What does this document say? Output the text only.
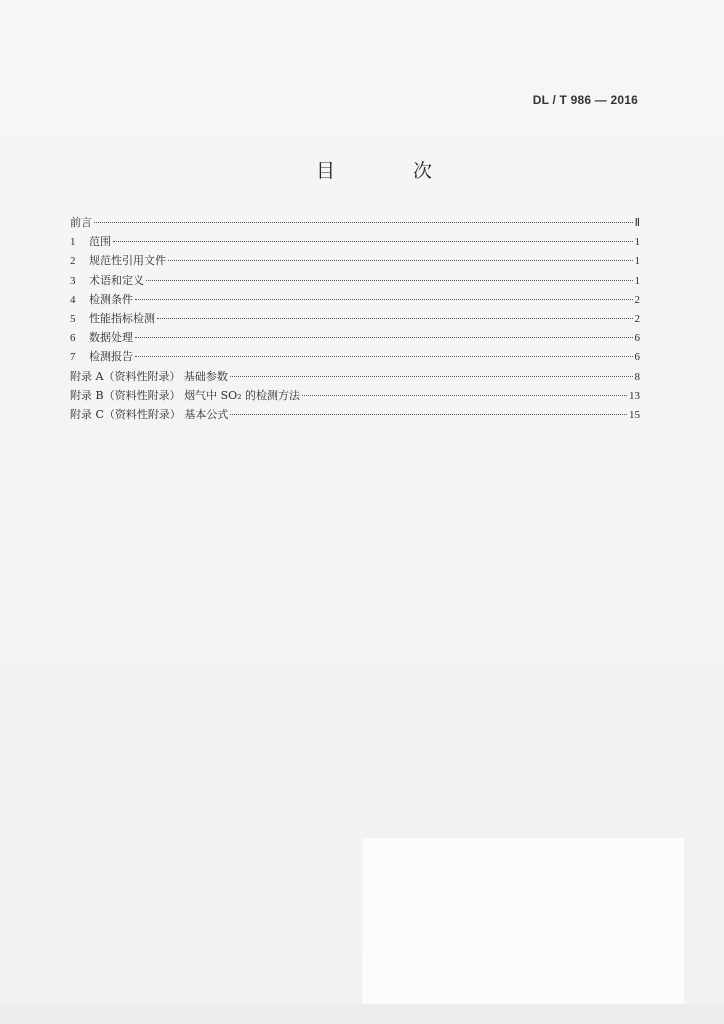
DL / T 986 — 2016
目 次
前言	Ⅱ
1	范围	1
2	规范性引用文件	1
3	术语和定义	1
4	检测条件	2
5	性能指标检测	2
6	数据处理	6
7	检测报告	6
附录 A（资料性附录） 基础参数	8
附录 B（资料性附录） 烟气中 SO₂ 的检测方法	13
附录 C（资料性附录） 基本公式	15
